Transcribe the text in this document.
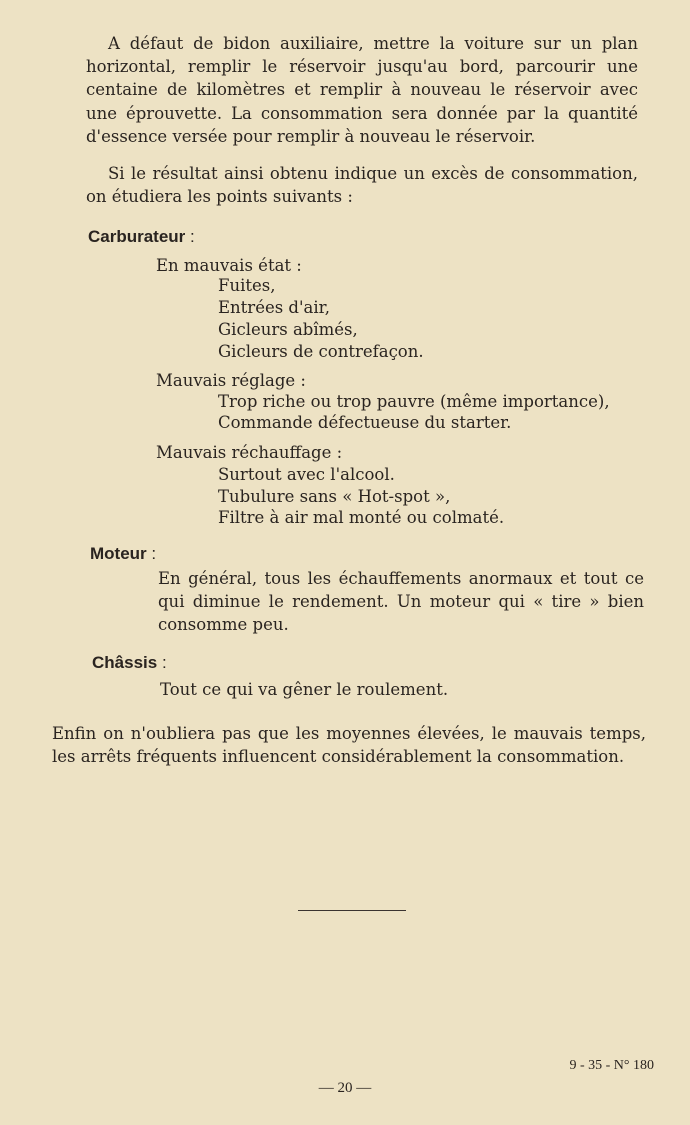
A défaut de bidon auxiliaire, mettre la voiture sur un plan horizontal, remplir le réservoir jusqu'au bord, parcourir une centaine de kilomètres et remplir à nouveau le réservoir avec une éprouvette. La consommation sera donnée par la quantité d'essence versée pour remplir à nouveau le réservoir.

Si le résultat ainsi obtenu indique un excès de consommation, on étudiera les points suivants :

Carburateur :
En mauvais état :
Fuites,
Entrées d'air,
Gicleurs abîmés,
Gicleurs de contrefaçon.
Mauvais réglage :
Trop riche ou trop pauvre (même importance),
Commande défectueuse du starter.
Mauvais réchauffage :
Surtout avec l'alcool.
Tubulure sans « Hot-spot »,
Filtre à air mal monté ou colmaté.
Moteur :

En général, tous les échauffements anormaux et tout ce qui diminue le rendement. Un moteur qui « tire » bien consomme peu.

Châssis :
Tout ce qui va gêner le roulement.

Enfin on n'oubliera pas que les moyennes élevées, le mauvais temps, les arrêts fréquents influencent considérablement la consommation.

9 - 35 - N° 180
— 20 —
